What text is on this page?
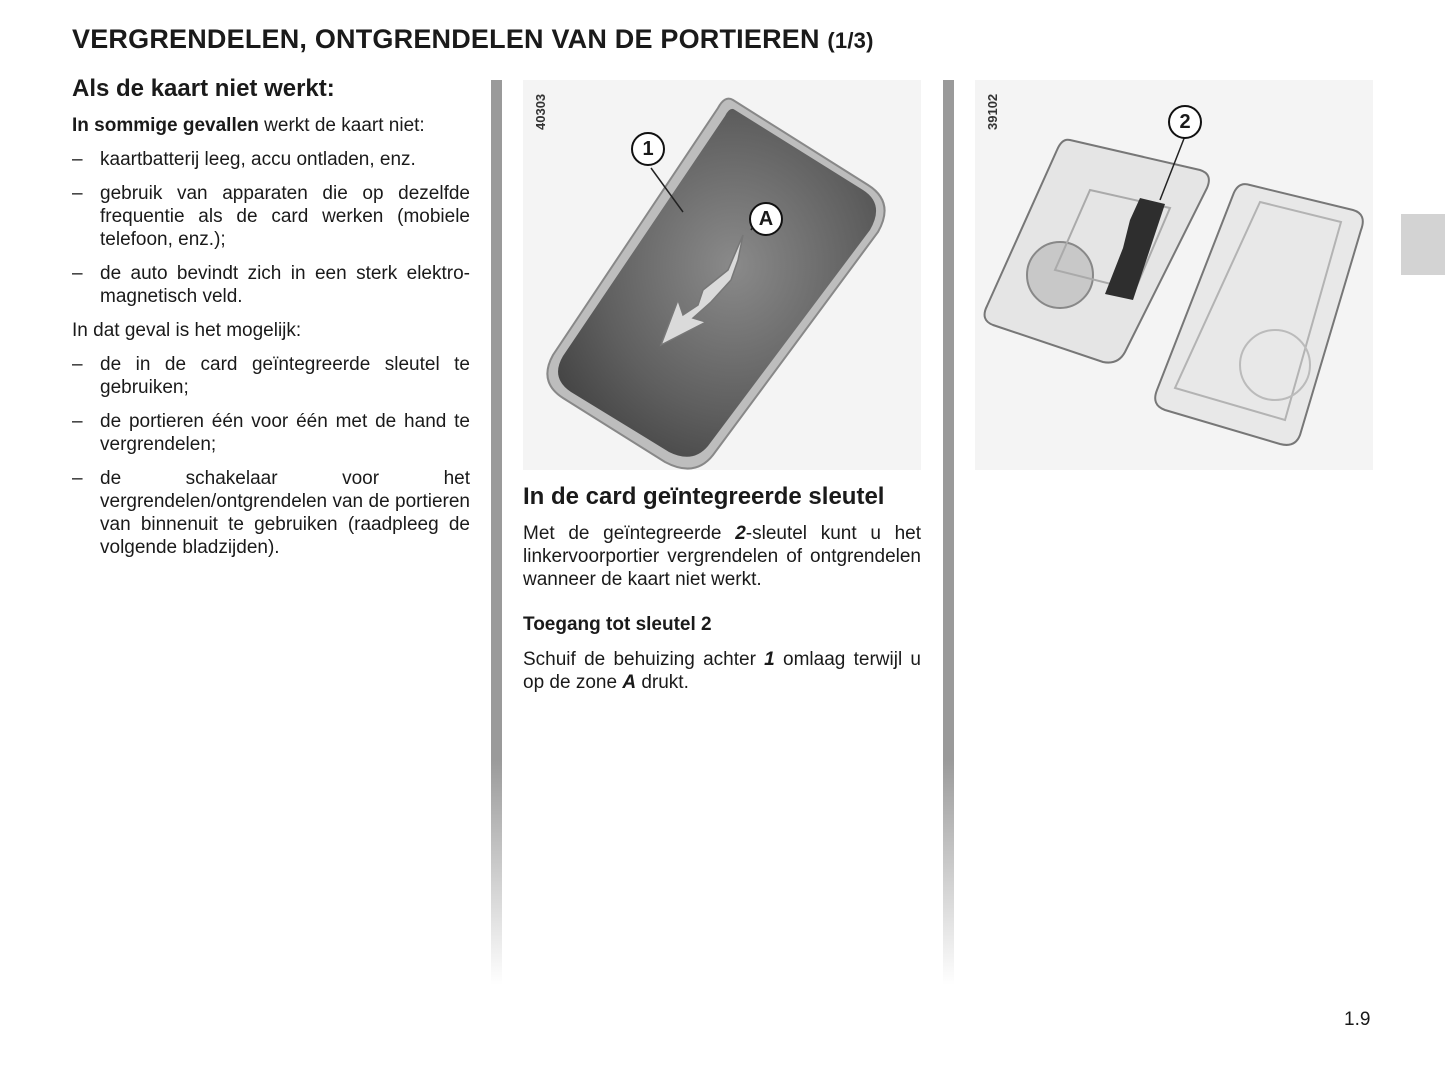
VERGRENDELEN, ONTGRENDELEN VAN DE PORTIEREN (1/3)
Als de kaart niet werkt:

In sommige gevallen werkt de kaart niet:

– kaartbatterij leeg, accu ontladen, enz.
– gebruik van apparaten die op dezelfde frequentie als de card werken (mobiele telefoon, enz.);
– de auto bevindt zich in een sterk elektro-magnetisch veld.

In dat geval is het mogelijk:

– de in de card geïntegreerde sleutel te gebruiken;
– de portieren één voor één met de hand te vergrendelen;
– de schakelaar voor het vergrendelen/ontgrendelen van de portieren van binnenuit te gebruiken (raadpleeg de volgende bladzijden).
40303
1
A
39102	2
In de card geïntegreerde sleutel

Met de geïntegreerde 2-sleutel kunt u het linkervoorportier vergrendelen of ontgrendelen wanneer de kaart niet werkt.

Toegang tot sleutel 2

Schuif de behuizing achter 1 omlaag terwijl u op de zone A drukt.

1.9
